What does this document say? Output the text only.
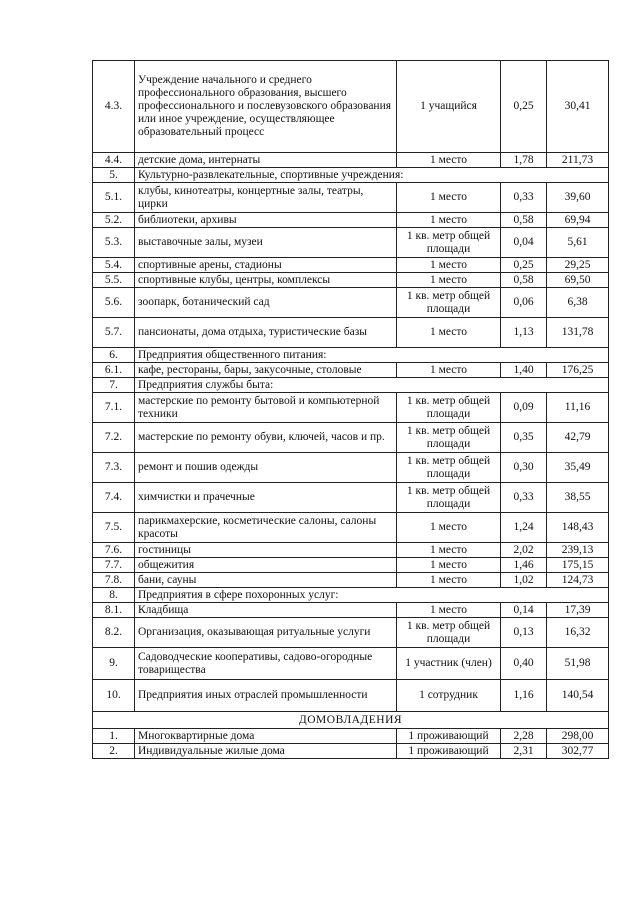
4.3.	Учреждение начального и среднего профессионального образования, высшего профессионального и послевузовского образования или иное учреждение, осуществляющее образовательный процесс	1 учащийся	0,25	30,41
4.4.	детские дома, интернаты	1 место	1,78	211,73
5.	Культурно-развлекательные, спортивные учреждения:			
5.1.	клубы, кинотеатры, концертные залы, театры, цирки	1 место	0,33	39,60
5.2.	библиотеки, архивы	1 место	0,58	69,94
5.3.	выставочные залы, музеи	1 кв. метр общей площади	0,04	5,61
5.4.	спортивные арены, стадионы	1 место	0,25	29,25
5.5.	спортивные клубы, центры, комплексы	1 место	0,58	69,50
5.6.	зоопарк, ботанический сад	1 кв. метр общей площади	0,06	6,38
5.7.	пансионаты, дома отдыха, туристические базы	1 место	1,13	131,78
6.	Предприятия общественного питания:			
6.1.	кафе, рестораны, бары, закусочные, столовые	1 место	1,40	176,25
7.	Предприятия службы быта:			
7.1.	мастерские по ремонту бытовой и компьютерной техники	1 кв. метр общей площади	0,09	11,16
7.2.	мастерские по ремонту обуви, ключей, часов и пр.	1 кв. метр общей площади	0,35	42,79
7.3.	ремонт и пошив одежды	1 кв. метр общей площади	0,30	35,49
7.4.	химчистки и прачечные	1 кв. метр общей площади	0,33	38,55
7.5.	парикмахерские, косметические салоны, салоны красоты	1 место	1,24	148,43
7.6.	гостиницы	1 место	2,02	239,13
7.7.	общежития	1 место	1,46	175,15
7.8.	бани, сауны	1 место	1,02	124,73
8.	Предприятия в сфере похоронных услуг:			
8.1.	Кладбища	1 место	0,14	17,39
8.2.	Организация, оказывающая ритуальные услуги	1 кв. метр общей площади	0,13	16,32
9.	Садоводческие кооперативы, садово-огородные товарищества	1 участник (член)	0,40	51,98
10.	Предприятия иных отраслей промышленности	1 сотрудник	1,16	140,54
ДОМОВЛАДЕНИЯ				
1.	Многоквартирные дома	1 проживающий	2,28	298,00
2.	Индивидуальные жилые дома	1 проживающий	2,31	302,77
